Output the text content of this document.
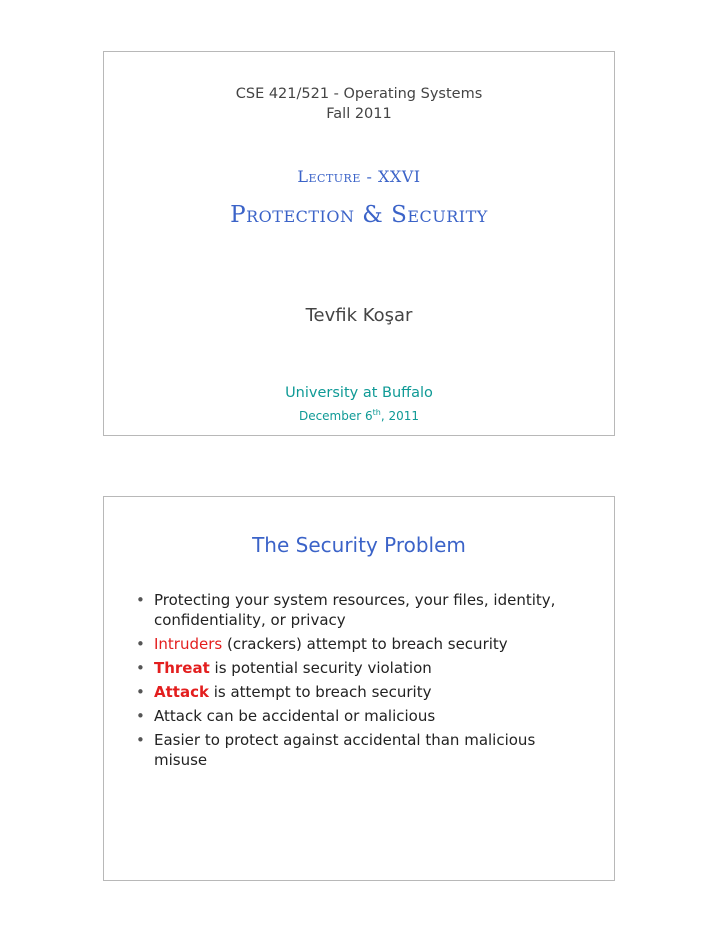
CSE 421/521 - Operating Systems
Fall 2011
Lecture - XXVI
Protection & Security
Tevfik Koşar
University at Buffalo
December 6th, 2011
The Security Problem
• Protecting your system resources, your files, identity, confidentiality, or privacy
• Intruders (crackers) attempt to breach security
• Threat is potential security violation
• Attack is attempt to breach security
• Attack can be accidental or malicious
• Easier to protect against accidental than malicious misuse
